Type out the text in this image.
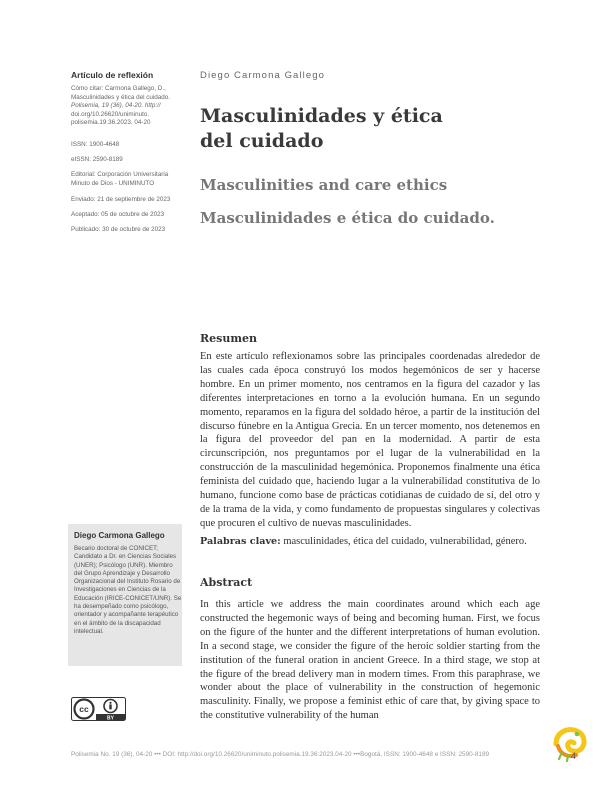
Artículo de reflexión
Cómo citar: Carmona Gallego, D.,
Masculinidades y ética del cuidado.
Polisemia, 19 (36), 04-20. http://
doi.org/10.26620/uniminuto.
polisemia.19.36.2023. 04-20
ISSN: 1900-4648
eISSN: 2590-8189
Editorial: Corporación Universitaria
Minuto de Dios - UNIMINUTO
Enviado: 21 de septiembre de 2023
Aceptado: 05 de octubre de 2023
Publicado: 30 de octubre de 2023
Diego Carmona Gallego
Becario doctoral de CONICET; Candidato a Dr. en Ciencias Sociales (UNER); Psicólogo (UNR). Miembro del Grupo Aprendizaje y Desarrollo Organizacional del Instituto Rosario de Investigaciones en Ciencias de la Educación (IRICE-CONICET/UNR). Se ha desempeñado como psicólogo, orientador y acompañante terapéutico en el ámbito de la discapacidad intelectual.
cc
BY
Diego Carmona Gallego
Masculinidades y ética
del cuidado
Masculinities and care ethics
Masculinidades e ética do cuidado.
Resumen
En este artículo reflexionamos sobre las principales coordenadas alrededor de las cuales cada época construyó los modos hegemónicos de ser y hacerse hombre. En un primer momento, nos centramos en la figura del cazador y las diferentes interpretaciones en torno a la evolución humana. En un segundo momento, reparamos en la figura del soldado héroe, a partir de la institución del discurso fúnebre en la Antigua Grecia. En un tercer momento, nos detenemos en la figura del proveedor del pan en la modernidad. A partir de esta circunscripción, nos preguntamos por el lugar de la vulnerabilidad en la construcción de la masculinidad hegemónica. Proponemos finalmente una ética feminista del cuidado que, haciendo lugar a la vulnerabilidad constitutiva de lo humano, funcione como base de prácticas cotidianas de cuidado de sí, del otro y de la trama de la vida, y como fundamento de propuestas singulares y colectivas que procuren el cultivo de nuevas masculinidades.
Palabras clave: masculinidades, ética del cuidado, vulnerabilidad, género.
Abstract
In this article we address the main coordinates around which each age constructed the hegemonic ways of being and becoming human. First, we focus on the figure of the hunter and the different interpretations of human evolution. In a second stage, we consider the figure of the heroic soldier starting from the institution of the funeral oration in ancient Greece. In a third stage, we stop at the figure of the bread delivery man in modern times. From this paraphrase, we wonder about the place of vulnerability in the construction of hegemonic masculinity. Finally, we propose a feminist ethic of care that, by giving space to the constitutive vulnerability of the human
Polisemia No. 19 (36), 04-20 ••• DOI: http://doi.org/10.26620/uniminuto.polisemia.19.36:2023.04-20 •••Bogotá, ISSN: 1900-4648 e ISSN: 2590-8189	4
